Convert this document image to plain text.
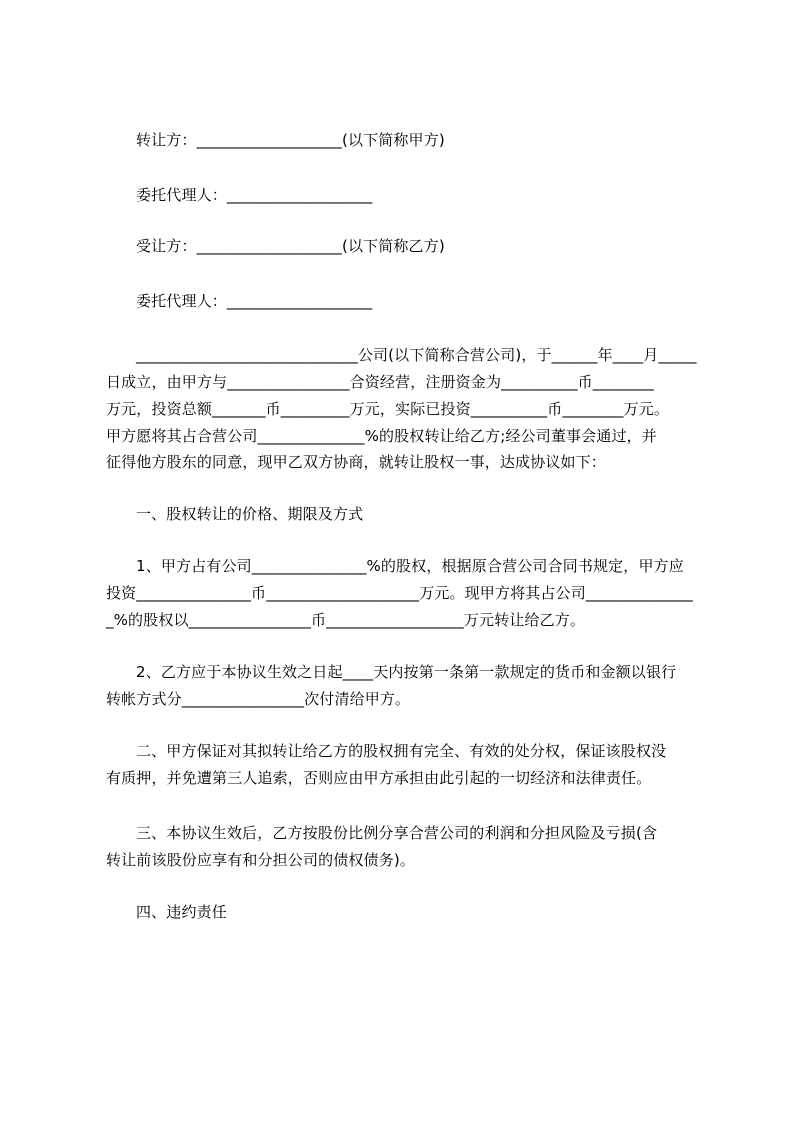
转让方：___________________(以下简称甲方)
委托代理人：___________________
受让方：___________________(以下简称乙方)
委托代理人：___________________
_____________________________公司(以下简称合营公司)，于______年____月_____
日成立，由甲方与________________合资经营，注册资金为__________币________
万元，投资总额_______币_________万元，实际已投资__________币________万元。
甲方愿将其占合营公司______________%的股权转让给乙方;经公司董事会通过，并
征得他方股东的同意，现甲乙双方协商，就转让股权一事，达成协议如下：
一、股权转让的价格、期限及方式
1、甲方占有公司_______________%的股权，根据原合营公司合同书规定，甲方应
投资_______________币____________________万元。现甲方将其占公司______________
_%的股权以________________币__________________万元转让给乙方。
2、乙方应于本协议生效之日起____天内按第一条第一款规定的货币和金额以银行
转帐方式分________________次付清给甲方。
二、甲方保证对其拟转让给乙方的股权拥有完全、有效的处分权，保证该股权没
有质押，并免遭第三人追索，否则应由甲方承担由此引起的一切经济和法律责任。
三、本协议生效后，乙方按股份比例分享合营公司的利润和分担风险及亏损(含
转让前该股份应享有和分担公司的债权债务)。
四、违约责任
